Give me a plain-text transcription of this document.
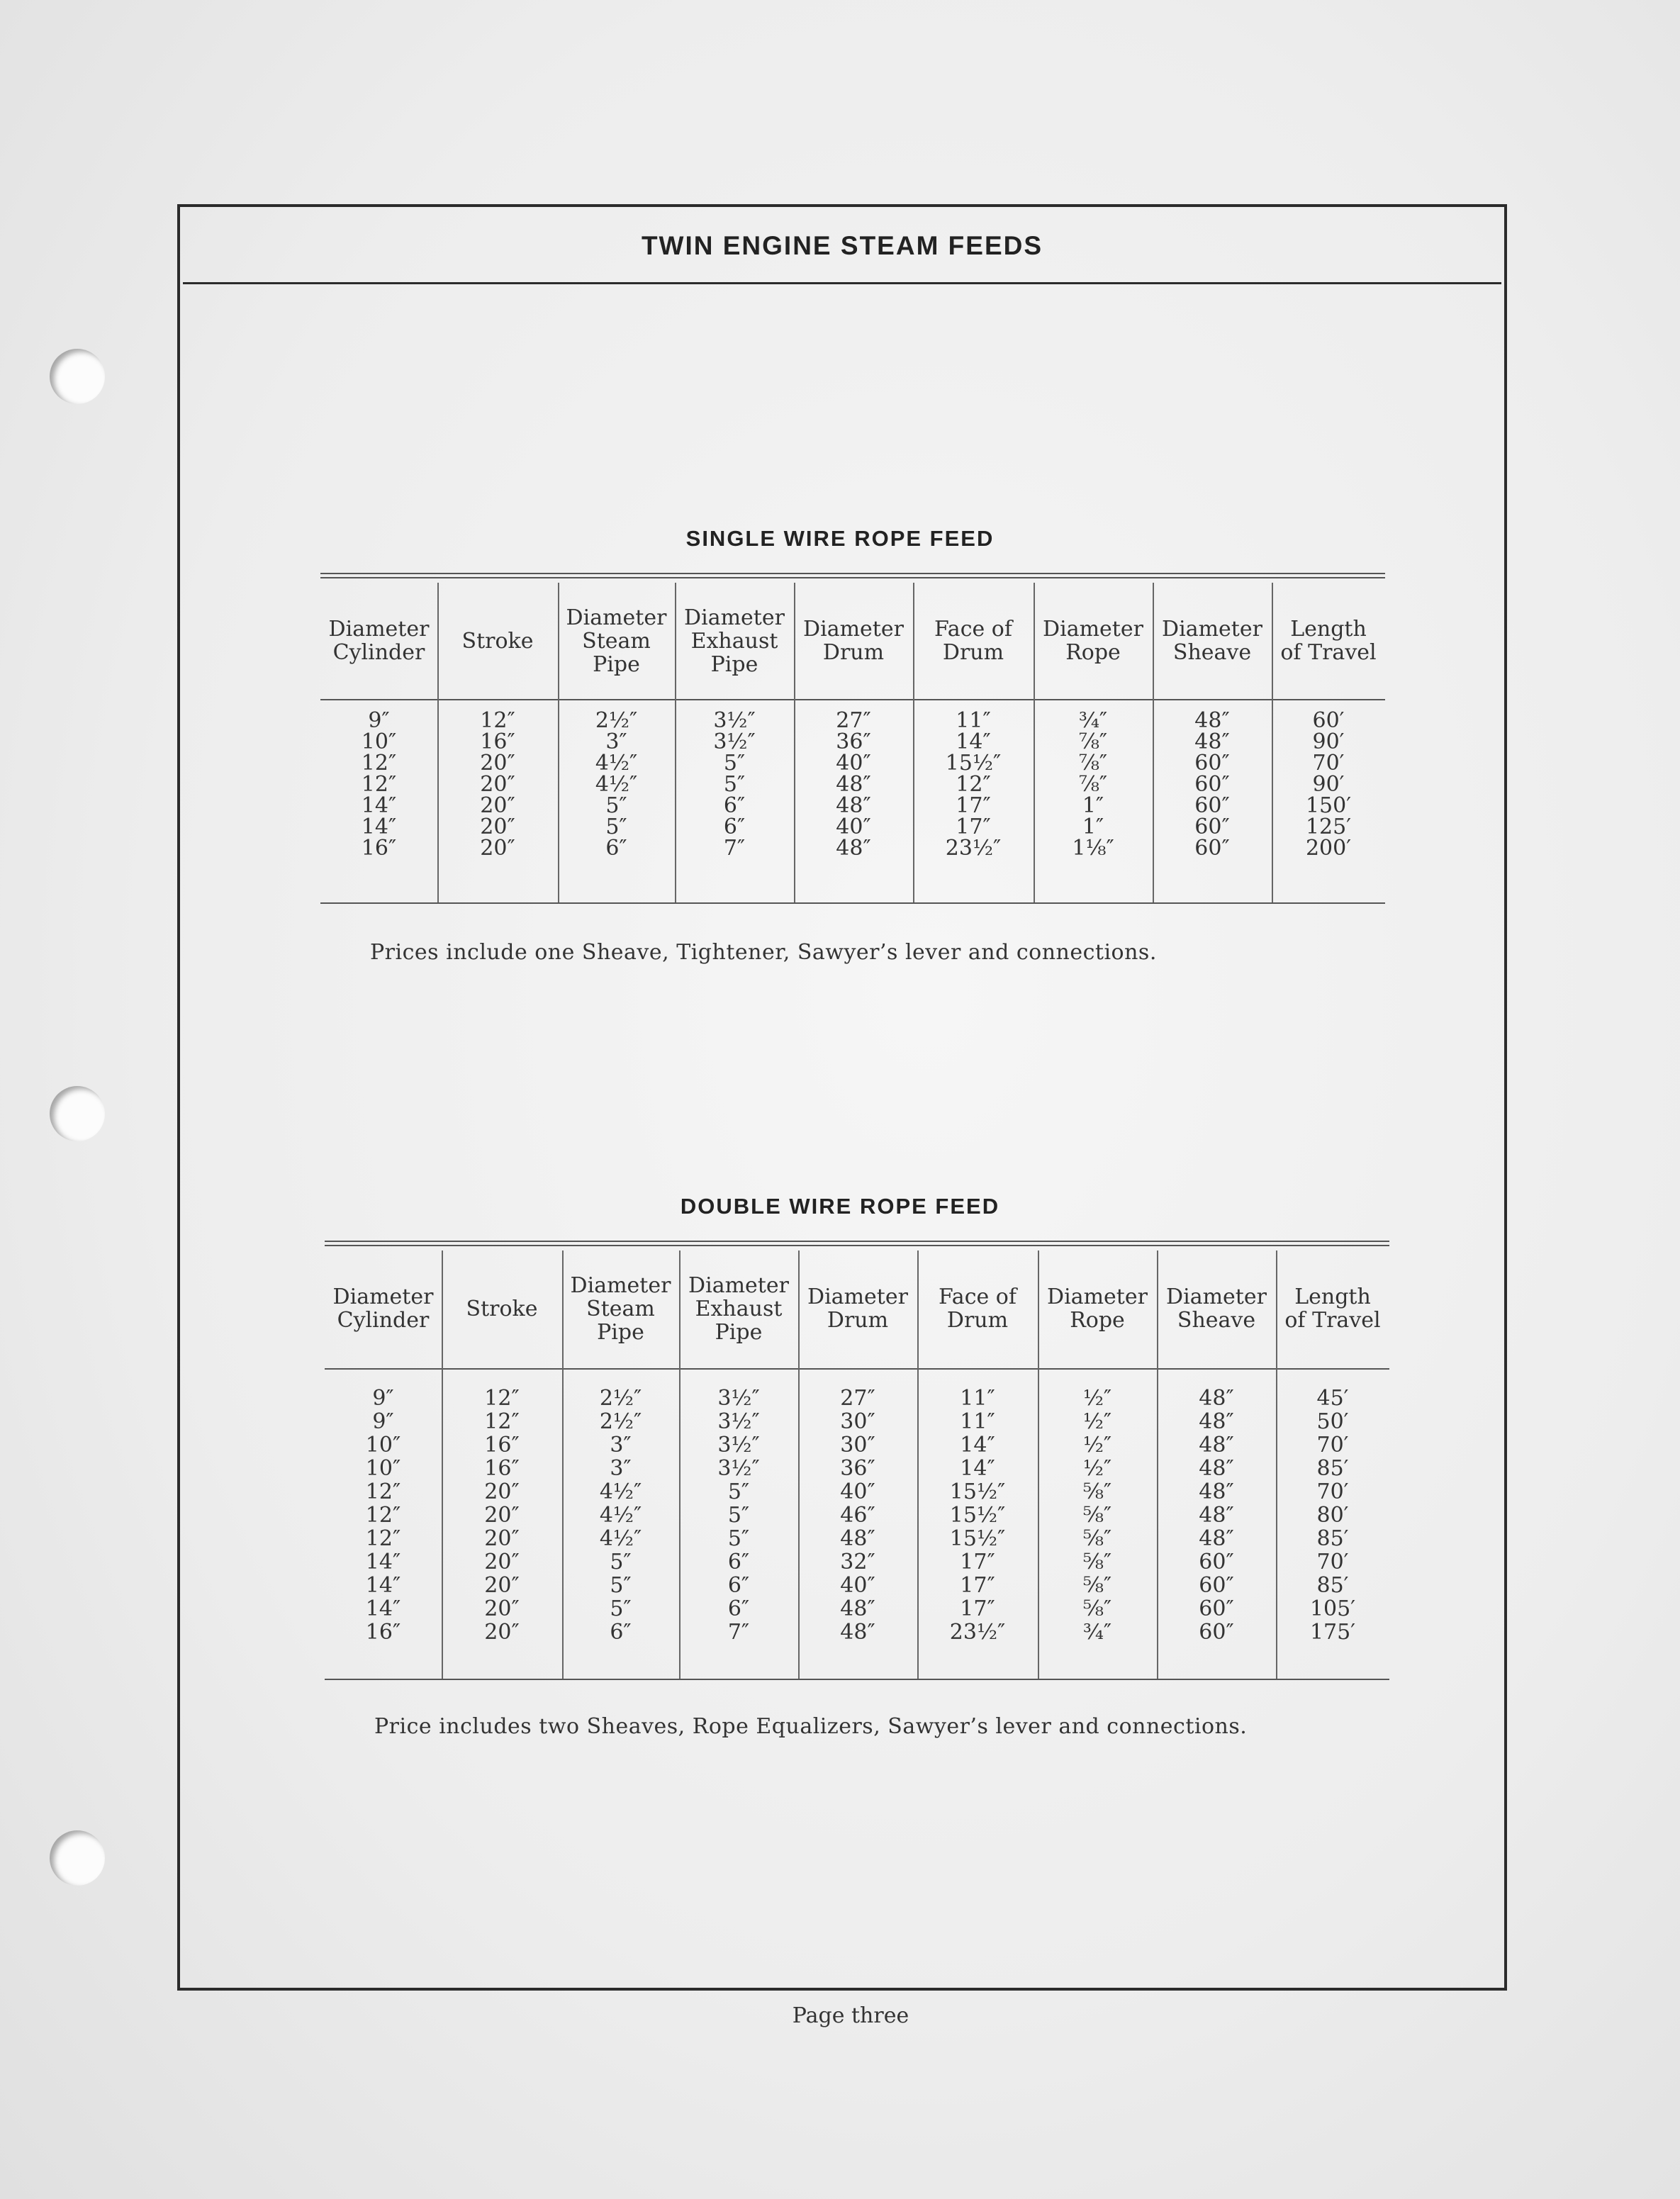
TWIN ENGINE STEAM FEEDS
SINGLE WIRE ROPE FEED
Diameter
Cylinder
9″
10″
12″
12″
14″
14″
16″
Stroke
12″
16″
20″
20″
20″
20″
20″
Diameter
Steam
Pipe
2½″
3″
4½″
4½″
5″
5″
6″
Diameter
Exhaust
Pipe
3½″
3½″
5″
5″
6″
6″
7″
Diameter
Drum
27″
36″
40″
48″
48″
40″
48″
Face of
Drum
11″
14″
15½″
12″
17″
17″
23½″
Diameter
Rope
¾″
⅞″
⅞″
⅞″
1″
1″
1⅛″
Diameter
Sheave
48″
48″
60″
60″
60″
60″
60″
Length
of Travel
60′
90′
70′
90′
150′
125′
200′
Prices include one Sheave, Tightener, Sawyer’s lever and connections.
DOUBLE WIRE ROPE FEED
Diameter
Cylinder
9″
9″
10″
10″
12″
12″
12″
14″
14″
14″
16″
Stroke
12″
12″
16″
16″
20″
20″
20″
20″
20″
20″
20″
Diameter
Steam
Pipe
2½″
2½″
3″
3″
4½″
4½″
4½″
5″
5″
5″
6″
Diameter
Exhaust
Pipe
3½″
3½″
3½″
3½″
5″
5″
5″
6″
6″
6″
7″
Diameter
Drum
27″
30″
30″
36″
40″
46″
48″
32″
40″
48″
48″
Face of
Drum
11″
11″
14″
14″
15½″
15½″
15½″
17″
17″
17″
23½″
Diameter
Rope
½″
½″
½″
½″
⅝″
⅝″
⅝″
⅝″
⅝″
⅝″
¾″
Diameter
Sheave
48″
48″
48″
48″
48″
48″
48″
60″
60″
60″
60″
Length
of Travel
45′
50′
70′
85′
70′
80′
85′
70′
85′
105′
175′
Price includes two Sheaves, Rope Equalizers, Sawyer’s lever and connections.
Page three
